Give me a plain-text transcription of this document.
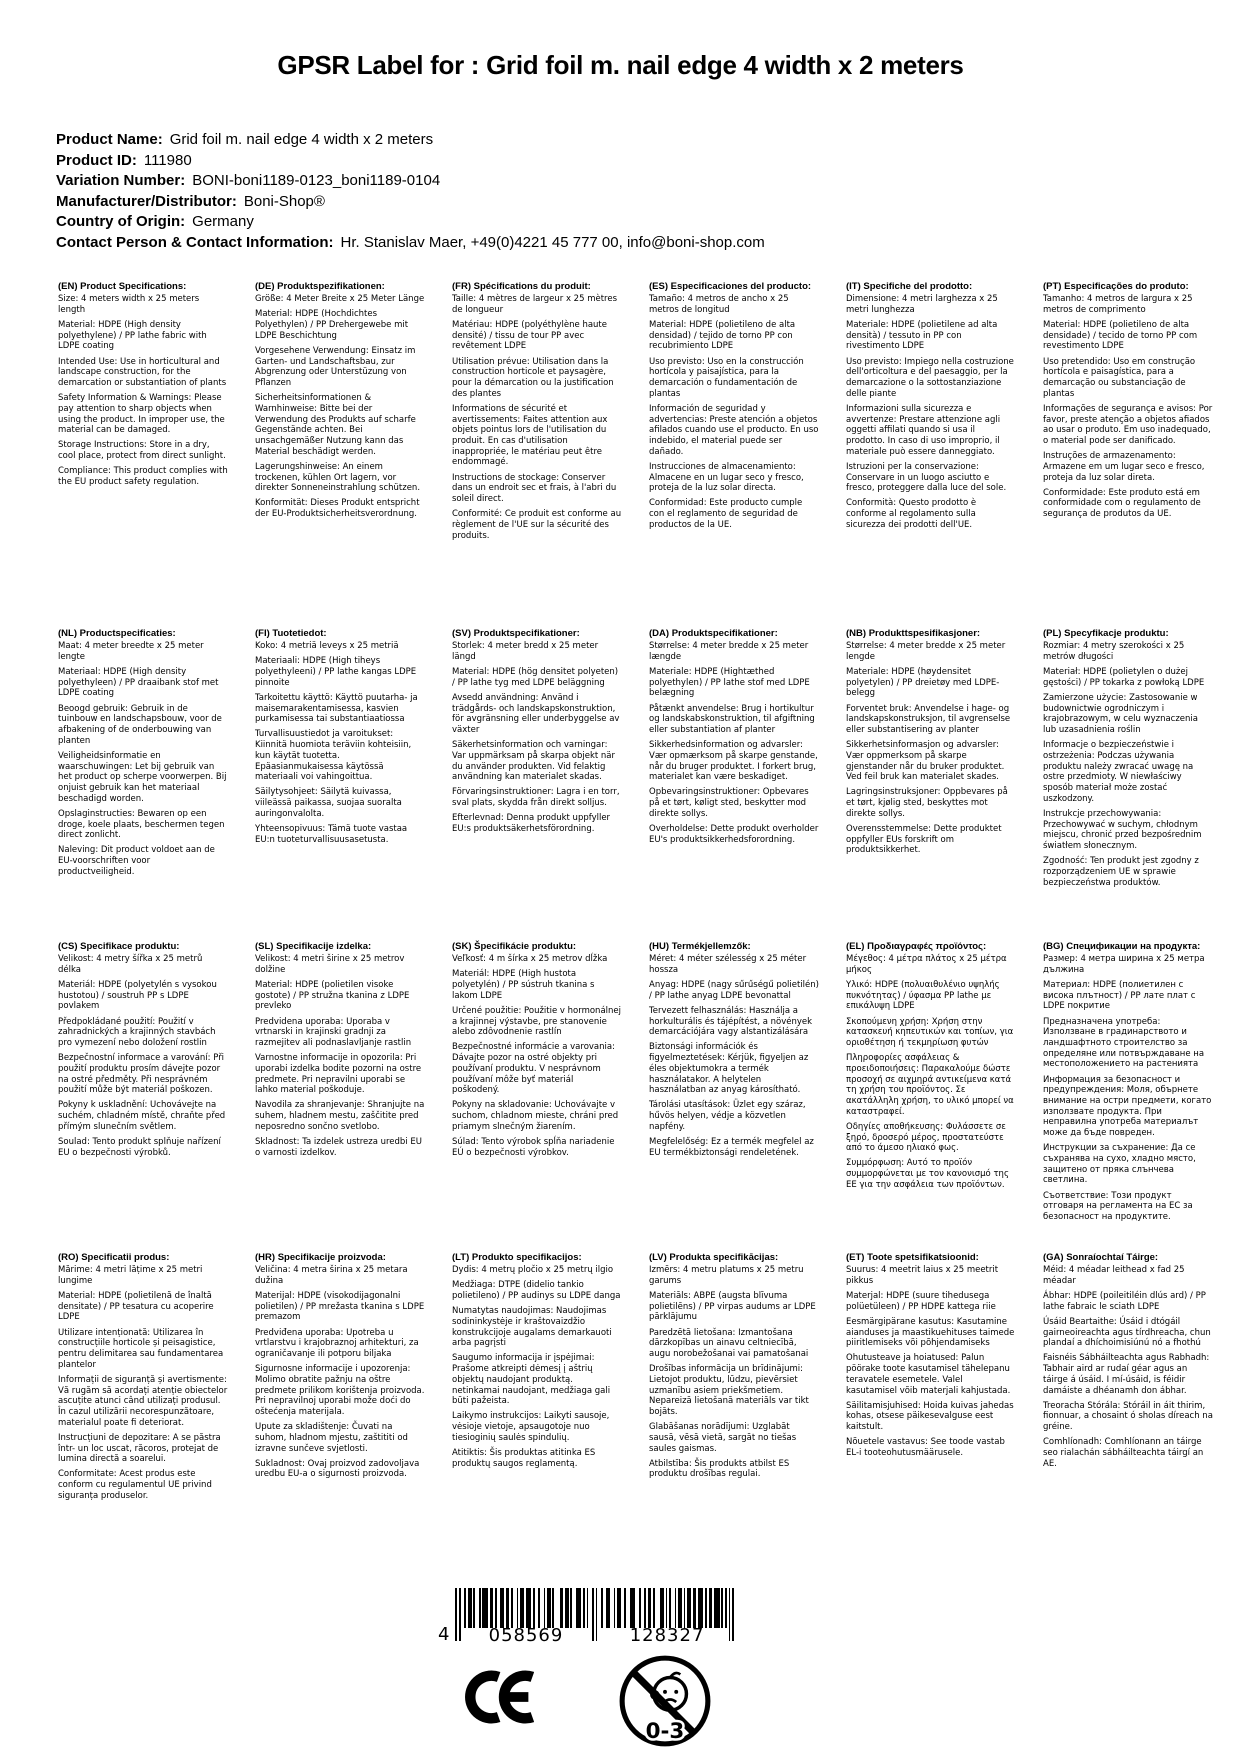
GPSR Label for : Grid foil m. nail edge 4 width x 2 meters
Product Name: Grid foil m. nail edge 4 width x 2 meters
Product ID: 111980
Variation Number: BONI-boni1189-0123_boni1189-0104
Manufacturer/Distributor: Boni-Shop®
Country of Origin: Germany
Contact Person & Contact Information: Hr. Stanislav Maer, +49(0)4221 45 777 00, info@boni-shop.com
(EN) Product Specifications:

Size: 4 meters width x 25 meters length

Material: HDPE (High density polyethylene) / PP lathe fabric with LDPE coating

Intended Use: Use in horticultural and landscape construction, for the demarcation or substantiation of plants

Safety Information & Warnings: Please pay attention to sharp objects when using the product. In improper use, the material can be damaged.

Storage Instructions: Store in a dry, cool place, protect from direct sunlight.

Compliance: This product complies with the EU product safety regulation.

(DE) Produktspezifikationen:

Größe: 4 Meter Breite x 25 Meter Länge

Material: HDPE (Hochdichtes Polyethylen) / PP Drehergewebe mit LDPE Beschichtung

Vorgesehene Verwendung: Einsatz im Garten- und Landschaftsbau, zur Abgrenzung oder Unterstüzung von Pflanzen

Sicherheitsinformationen & Warnhinweise: Bitte bei der Verwendung des Produkts auf scharfe Gegenstände achten. Bei unsachgemäßer Nutzung kann das Material beschädigt werden.

Lagerungshinweise: An einem trockenen, kühlen Ort lagern, vor direkter Sonneneinstrahlung schützen.

Konformität: Dieses Produkt entspricht der EU-Produktsicherheitsverordnung.

(FR) Spécifications du produit:

Taille: 4 mètres de largeur x 25 mètres de longueur

Matériau: HDPE (polyéthylène haute densité) / tissu de tour PP avec revêtement LDPE

Utilisation prévue: Utilisation dans la construction horticole et paysagère, pour la démarcation ou la justification des plantes

Informations de sécurité et avertissements: Faites attention aux objets pointus lors de l'utilisation du produit. En cas d'utilisation inappropriée, le matériau peut être endommagé.

Instructions de stockage: Conserver dans un endroit sec et frais, à l'abri du soleil direct.

Conformité: Ce produit est conforme au règlement de l'UE sur la sécurité des produits.

(ES) Especificaciones del producto:

Tamaño: 4 metros de ancho x 25 metros de longitud

Material: HDPE (polietileno de alta densidad) / tejido de torno PP con recubrimiento LDPE

Uso previsto: Uso en la construcción hortícola y paisajística, para la demarcación o fundamentación de plantas

Información de seguridad y advertencias: Preste atención a objetos afilados cuando use el producto. En uso indebido, el material puede ser dañado.

Instrucciones de almacenamiento: Almacene en un lugar seco y fresco, proteja de la luz solar directa.

Conformidad: Este producto cumple con el reglamento de seguridad de productos de la UE.

(IT) Specifiche del prodotto:

Dimensione: 4 metri larghezza x 25 metri lunghezza

Materiale: HDPE (polietilene ad alta densità) / tessuto in PP con rivestimento LDPE

Uso previsto: Impiego nella costruzione dell'orticoltura e del paesaggio, per la demarcazione o la sottostanziazione delle piante

Informazioni sulla sicurezza e avvertenze: Prestare attenzione agli oggetti affilati quando si usa il prodotto. In caso di uso improprio, il materiale può essere danneggiato.

Istruzioni per la conservazione: Conservare in un luogo asciutto e fresco, proteggere dalla luce del sole.

Conformità: Questo prodotto è conforme al regolamento sulla sicurezza dei prodotti dell'UE.

(PT) Especificações do produto:

Tamanho: 4 metros de largura x 25 metros de comprimento

Material: HDPE (polietileno de alta densidade) / tecido de torno PP com revestimento LDPE

Uso pretendido: Uso em construção hortícola e paisagística, para a demarcação ou substanciação de plantas

Informações de segurança e avisos: Por favor, preste atenção a objetos afiados ao usar o produto. Em uso inadequado, o material pode ser danificado.

Instruções de armazenamento: Armazene em um lugar seco e fresco, proteja da luz solar direta.

Conformidade: Este produto está em conformidade com o regulamento de segurança de produtos da UE.

(NL) Productspecificaties:

Maat: 4 meter breedte x 25 meter lengte

Materiaal: HDPE (High density polyethyleen) / PP draaibank stof met LDPE coating

Beoogd gebruik: Gebruik in de tuinbouw en landschapsbouw, voor de afbakening of de onderbouwing van planten

Veiligheidsinformatie en waarschuwingen: Let bij gebruik van het product op scherpe voorwerpen. Bij onjuist gebruik kan het materiaal beschadigd worden.

Opslaginstructies: Bewaren op een droge, koele plaats, beschermen tegen direct zonlicht.

Naleving: Dit product voldoet aan de EU-voorschriften voor productveiligheid.

(FI) Tuotetiedot:

Koko: 4 metriä leveys x 25 metriä

Materiaali: HDPE (High tiheys polyethyleeni) / PP lathe kangas LDPE pinnoite

Tarkoitettu käyttö: Käyttö puutarha- ja maisemarakentamisessa, kasvien purkamisessa tai substantiaatiossa

Turvallisuustiedot ja varoitukset: Kiinnitä huomiota teräviin kohteisiin, kun käytät tuotetta. Epäasianmukaisessa käytössä materiaali voi vahingoittua.

Säilytysohjeet: Säilytä kuivassa, viileässä paikassa, suojaa suoralta auringonvalolta.

Yhteensopivuus: Tämä tuote vastaa EU:n tuoteturvallisuusasetusta.

(SV) Produktspecifikationer:

Storlek: 4 meter bredd x 25 meter längd

Material: HDPE (hög densitet polyeten) / PP lathe tyg med LDPE beläggning

Avsedd användning: Använd i trädgårds- och landskapskonstruktion, för avgränsning eller underbyggelse av växter

Säkerhetsinformation och varningar: Var uppmärksam på skarpa objekt när du använder produkten. Vid felaktig användning kan materialet skadas.

Förvaringsinstruktioner: Lagra i en torr, sval plats, skydda från direkt solljus.

Efterlevnad: Denna produkt uppfyller EU:s produktsäkerhetsförordning.

(DA) Produktspecifikationer:

Størrelse: 4 meter bredde x 25 meter længde

Materiale: HDPE (Hightæthed polyethylen) / PP lathe stof med LDPE belægning

Påtænkt anvendelse: Brug i hortikultur og landskabskonstruktion, til afgiftning eller substantiation af planter

Sikkerhedsinformation og advarsler: Vær opmærksom på skarpe genstande, når du bruger produktet. I forkert brug, materialet kan være beskadiget.

Opbevaringsinstruktioner: Opbevares på et tørt, køligt sted, beskytter mod direkte sollys.

Overholdelse: Dette produkt overholder EU's produktsikkerhedsforordning.

(NB) Produkttspesifikasjoner:

Størrelse: 4 meter bredde x 25 meter lengde

Materiale: HDPE (høydensitet polyetylen) / PP dreietøy med LDPE-belegg

Forventet bruk: Anvendelse i hage- og landskapskonstruksjon, til avgrenselse eller substantisering av planter

Sikkerhetsinformasjon og advarsler: Vær oppmerksom på skarpe gjenstander når du bruker produktet. Ved feil bruk kan materialet skades.

Lagringsinstruksjoner: Oppbevares på et tørt, kjølig sted, beskyttes mot direkte sollys.

Overensstemmelse: Dette produktet oppfyller EUs forskrift om produktsikkerhet.

(PL) Specyfikacje produktu:

Rozmiar: 4 metry szerokości x 25 metrów długości

Materiał: HDPE (polietylen o dużej gęstości) / PP tokarka z powłoką LDPE

Zamierzone użycie: Zastosowanie w budownictwie ogrodniczym i krajobrazowym, w celu wyznaczenia lub uzasadnienia roślin

Informacje o bezpieczeństwie i ostrzeżenia: Podczas używania produktu należy zwracać uwagę na ostre przedmioty. W niewłaściwy sposób materiał może zostać uszkodzony.

Instrukcje przechowywania: Przechowywać w suchym, chłodnym miejscu, chronić przed bezpośrednim światłem słonecznym.

Zgodność: Ten produkt jest zgodny z rozporządzeniem UE w sprawie bezpieczeństwa produktów.

(CS) Specifikace produktu:

Velikost: 4 metry šířka x 25 metrů délka

Materiál: HDPE (polyetylén s vysokou hustotou) / soustruh PP s LDPE povlakem

Předpokládané použití: Použití v zahradnických a krajinných stavbách pro vymezení nebo doložení rostlin

Bezpečnostní informace a varování: Při použití produktu prosím dávejte pozor na ostré předměty. Při nesprávném použití může být materiál poškozen.

Pokyny k uskladnění: Uchovávejte na suchém, chladném místě, chraňte před přímým slunečním světlem.

Soulad: Tento produkt splňuje nařízení EU o bezpečnosti výrobků.

(SL) Specifikacije izdelka:

Velikost: 4 metri širine x 25 metrov dolžine

Material: HDPE (polietilen visoke gostote) / PP stružna tkanina z LDPE prevleko

Predvidena uporaba: Uporaba v vrtnarski in krajinski gradnji za razmejitev ali podnaslavljanje rastlin

Varnostne informacije in opozorila: Pri uporabi izdelka bodite pozorni na ostre predmete. Pri nepravilni uporabi se lahko material poškoduje.

Navodila za shranjevanje: Shranjujte na suhem, hladnem mestu, zaščitite pred neposredno sončno svetlobo.

Skladnost: Ta izdelek ustreza uredbi EU o varnosti izdelkov.

(SK) Špecifikácie produktu:

Veľkosť: 4 m šírka x 25 metrov dĺžka

Materiál: HDPE (High hustota polyetylén) / PP sústruh tkanina s lakom LDPE

Určené použitie: Použitie v hormonálnej a krajinnej výstavbe, pre stanovenie alebo zdôvodnenie rastlín

Bezpečnostné informácie a varovania: Dávajte pozor na ostré objekty pri používaní produktu. V nesprávnom používaní môže byť materiál poškodený.

Pokyny na skladovanie: Uchovávajte v suchom, chladnom mieste, chráni pred priamym slnečným žiarením.

Súlad: Tento výrobok spĺňa nariadenie EÚ o bezpečnosti výrobkov.

(HU) Termékjellemzők:

Méret: 4 méter szélesség x 25 méter hossza

Anyag: HDPE (nagy sűrűségű polietilén) / PP lathe anyag LDPE bevonattal

Tervezett felhasználás: Használja a horkulturális és tájépítést, a növények demarcációjára vagy alstantizálására

Biztonsági információk és figyelmeztetések: Kérjük, figyeljen az éles objektumokra a termék használatakor. A helytelen használatban az anyag károsítható.

Tárolási utasítások: Üzlet egy száraz, hűvös helyen, védje a közvetlen napfény.

Megfelelőség: Ez a termék megfelel az EU termékbiztonsági rendeletének.

(EL) Προδιαγραφές προϊόντος:

Μέγεθος: 4 μέτρα πλάτος x 25 μέτρα μήκος

Υλικό: HDPE (πολυαιθυλένιο υψηλής πυκνότητας) / ύφασμα PP lathe με επικάλυψη LDPE

Σκοπούμενη χρήση: Χρήση στην κατασκευή κηπευτικών και τοπίων, για οριοθέτηση ή τεκμηρίωση φυτών

Πληροφορίες ασφάλειας & προειδοποιήσεις: Παρακαλούμε δώστε προσοχή σε αιχμηρά αντικείμενα κατά τη χρήση του προϊόντος. Σε ακατάλληλη χρήση, το υλικό μπορεί να καταστραφεί.

Οδηγίες αποθήκευσης: Φυλάσσετε σε ξηρό, δροσερό μέρος, προστατεύστε από το άμεσο ηλιακό φως.

Συμμόρφωση: Αυτό το προϊόν συμμορφώνεται με τον κανονισμό της ΕΕ για την ασφάλεια των προϊόντων.

(BG) Спецификации на продукта:

Размер: 4 метра ширина x 25 метра дължина

Материал: HDPE (полиетилен с висока плътност) / PP лате плат с LDPE покритие

Предназначена употреба: Използване в градинарството и ландшафтното строителство за определяне или потвърждаване на местоположението на растенията

Информация за безопасност и предупреждения: Моля, обърнете внимание на остри предмети, когато използвате продукта. При неправилна употреба материалът може да бъде повреден.

Инструкции за съхранение: Да се съхранява на сухо, хладно място, защитено от пряка слънчева светлина.

Съответствие: Този продукт отговаря на регламента на ЕС за безопасност на продуктите.

(RO) Specificatii produs:

Mărime: 4 metri lățime x 25 metri lungime

Material: HDPE (polietilenă de înaltă densitate) / PP tesatura cu acoperire LDPE

Utilizare intenționată: Utilizarea în construcțiile horticole și peisagistice, pentru delimitarea sau fundamentarea plantelor

Informații de siguranță și avertismente: Vă rugăm să acordați atenție obiectelor ascuțite atunci când utilizați produsul. În cazul utilizării necorespunzătoare, materialul poate fi deteriorat.

Instrucțiuni de depozitare: A se păstra într- un loc uscat, răcoros, protejat de lumina directă a soarelui.

Conformitate: Acest produs este conform cu regulamentul UE privind siguranța produselor.

(HR) Specifikacije proizvoda:

Veličina: 4 metra širina x 25 metara dužina

Materijal: HDPE (visokodijagonalni polietilen) / PP mrežasta tkanina s LDPE premazom

Predviđena uporaba: Upotreba u vrtlarstvu i krajobraznoj arhitekturi, za ograničavanje ili potporu biljaka

Sigurnosne informacije i upozorenja: Molimo obratite pažnju na oštre predmete prilikom korištenja proizvoda. Pri nepravilnoj uporabi može doći do oštećenja materijala.

Upute za skladištenje: Čuvati na suhom, hladnom mjestu, zaštititi od izravne sunčeve svjetlosti.

Sukladnost: Ovaj proizvod zadovoljava uredbu EU-a o sigurnosti proizvoda.

(LT) Produkto specifikacijos:

Dydis: 4 metrų pločio x 25 metrų ilgio

Medžiaga: DTPE (didelio tankio polietileno) / PP audinys su LDPE danga

Numatytas naudojimas: Naudojimas sodininkystėje ir kraštovaizdžio konstrukcijoje augalams demarkauoti arba pagrįsti

Saugumo informacija ir įspėjimai: Prašome atkreipti dėmesį į aštrių objektų naudojant produktą. netinkamai naudojant, medžiaga gali būti pažeista.

Laikymo instrukcijos: Laikyti sausoje, vėsioje vietoje, apsaugotoje nuo tiesioginių saulės spindulių.

Atitiktis: Šis produktas atitinka ES produktų saugos reglamentą.

(LV) Produkta specifikācijas:

Izmērs: 4 metru platums x 25 metru garums

Materiāls: ABPE (augsta blīvuma polietilēns) / PP virpas audums ar LDPE pārklājumu

Paredzētā lietošana: Izmantošana dārzkopības un ainavu celtniecībā, augu norobežošanai vai pamatošanai

Drošības informācija un brīdinājumi: Lietojot produktu, lūdzu, pievērsiet uzmanību asiem priekšmetiem. Nepareizā lietošanā materiāls var tikt bojāts.

Glabāšanas norādījumi: Uzglabāt sausā, vēsā vietā, sargāt no tiešas saules gaismas.

Atbilstība: Šis produkts atbilst ES produktu drošības regulai.

(ET) Toote spetsifikatsioonid:

Suurus: 4 meetrit laius x 25 meetrit pikkus

Materjal: HDPE (suure tihedusega polüetüleen) / PP HDPE kattega riie

Eesmärgipärane kasutus: Kasutamine aianduses ja maastikuehituses taimede piiritlemiseks või põhjendamiseks

Ohutusteave ja hoiatused: Palun pöörake toote kasutamisel tähelepanu teravatele esemetele. Valel kasutamisel võib materjali kahjustada.

Säilitamisjuhised: Hoida kuivas jahedas kohas, otsese päikesevalguse eest kaitstult.

Nõuetele vastavus: See toode vastab EL-i tooteohutusmäärusele.

(GA) Sonraíochtaí Táirge:

Méid: 4 méadar leithead x fad 25 méadar

Ábhar: HDPE (poileitiléin dlús ard) / PP lathe fabraic le sciath LDPE

Úsáid Beartaithe: Úsáid i dtógáil gairneoireachta agus tírdhreacha, chun plandaí a dhíchoimisiúnú nó a fhothú

Faisnéis Sábháilteachta agus Rabhadh: Tabhair aird ar rudaí géar agus an táirge á úsáid. I mí-úsáid, is féidir damáiste a dhéanamh don ábhar.

Treoracha Stórála: Stóráil in áit thirim, fionnuar, a chosaint ó sholas díreach na gréine.

Comhlíonadh: Comhlíonann an táirge seo rialachán sábháilteachta táirgí an AE.

4	058569	128327
0-3
